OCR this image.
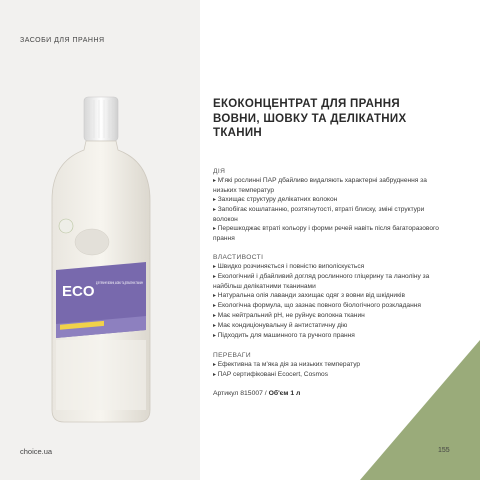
ЗАСОБИ ДЛЯ ПРАННЯ
ECO ДЛЯ ПРАННЯ ВОВНИ, ШОВКУ ТА ДЕЛІКАТНИХ ТКАНИН
ЕКОКОНЦЕНТРАТ ДЛЯ ПРАННЯ ВОВНИ, ШОВКУ ТА ДЕЛІКАТНИХ ТКАНИН
ДІЯ
▸ М'які рослинні ПАР дбайливо видаляють характерні забруднення за низьких температур
▸ Захищає структуру делікатних волокон
▸ Запобігає кошлатанню, розтягнутості, втраті блиску, зміні структури волокон
▸ Перешкоджає втраті кольору і форми речей навіть після багаторазового прання
ВЛАСТИВОСТІ
▸ Швидко розчиняється і повністю виполіскується
▸ Екологічний і дбайливий догляд рослинного гліцерину та ланоліну за найбільш делікатними тканинами
▸ Натуральна олія лаванди захищає одяг з вовни від шкідників
▸ Екологічна формула, що зазнає повного біологічного розкладання
▸ Має нейтральний pH, не руйнує волокна тканин
▸ Має кондиціонувальну й антистатичну дію
▸ Підходить для машинного та ручного прання
ПЕРЕВАГИ
▸ Ефективна та м'яка дія за низьких температур
▸ ПАР сертифіковані Ecocert, Cosmos
Артикул 815007 / Об'єм 1 л
choice.ua	155
